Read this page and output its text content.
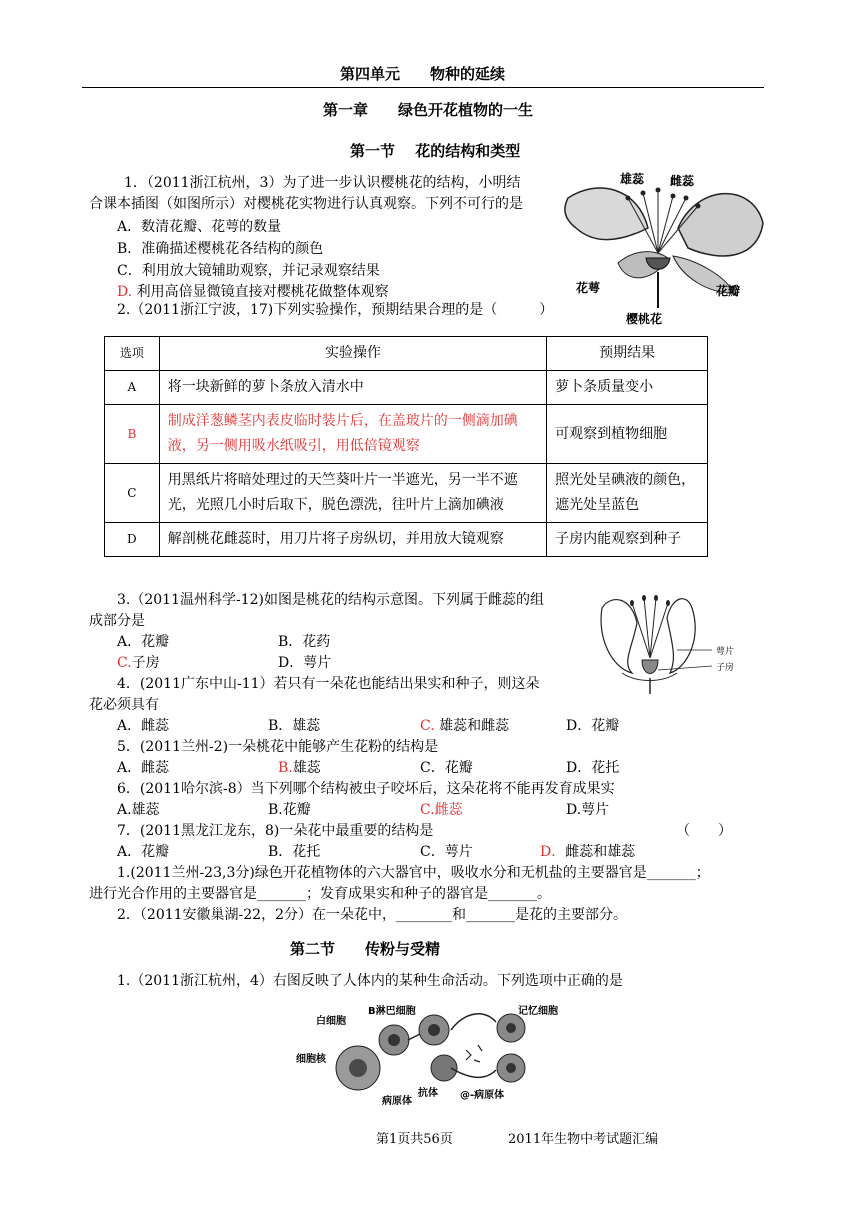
第四单元　　物种的延续
第一章　　绿色开花植物的一生
第一节　 花的结构和类型
1．（2011浙江杭州，3）为了进一步认识樱桃花的结构，小明结
合课本插图（如图所示）对樱桃花实物进行认真观察。下列不可行的是
A．数清花瓣、花萼的数量
B．准确描述樱桃花各结构的颜色
C．利用放大镜辅助观察，并记录观察结果
D. 利用高倍显微镜直接对樱桃花做整体观察
雄蕊 雌蕊
花萼	花瓣
樱桃花
2.（2011浙江宁波，17)下列实验操作，预期结果合理的是（　　　）
选项	实验操作	预期结果
A	将一块新鲜的萝卜条放入清水中	萝卜条质量变小
B	制成洋葱鳞茎内表皮临时装片后，在盖玻片的一侧滴加碘液，另一侧用吸水纸吸引，用低倍镜观察	可观察到植物细胞
C	用黑纸片将暗处理过的天竺葵叶片一半遮光，另一半不遮光，光照几小时后取下，脱色漂洗，往叶片上滴加碘液	照光处呈碘液的颜色，遮光处呈蓝色
D	解剖桃花雌蕊时，用刀片将子房纵切，并用放大镜观察	子房内能观察到种子
3.（2011温州科学-12)如图是桃花的结构示意图。下列属于雌蕊的组
成部分是
A．花瓣	B．花药
C.子房	D．萼片
萼片
子房
4．(2011广东中山-11）若只有一朵花也能结出果实和种子，则这朵
花必须具有
A．雌蕊	B．雄蕊	C. 雄蕊和雌蕊	D．花瓣
5．(2011兰州-2)一朵桃花中能够产生花粉的结构是
A．雌蕊	B.雄蕊	C．花瓣	D．花托
6．(2011哈尔滨-8）当下列哪个结构被虫子咬坏后，这朵花将不能再发育成果实
A.雄蕊	B.花瓣	C.雌蕊	D.萼片
7．(2011黑龙江龙东，8)一朵花中最重要的结构是	（　　）
A．花瓣	B．花托	C．萼片	D．雌蕊和雄蕊
1.(2011兰州-23,3分)绿色开花植物体的六大器官中，吸收水分和无机盐的主要器官是_______；
进行光合作用的主要器官是_______；发育成果实和种子的器官是_______。
2．（2011安徽巢湖-22，2分）在一朵花中，________和_______是花的主要部分。
第二节　　传粉与受精
1.（2011浙江杭州，4）右图反映了人体内的某种生命活动。下列选项中正确的是
白细胞
B淋巴细胞	记忆细胞
细胞核
抗体
病原体
@-病原体
第1页共56页	2011年生物中考试题汇编
